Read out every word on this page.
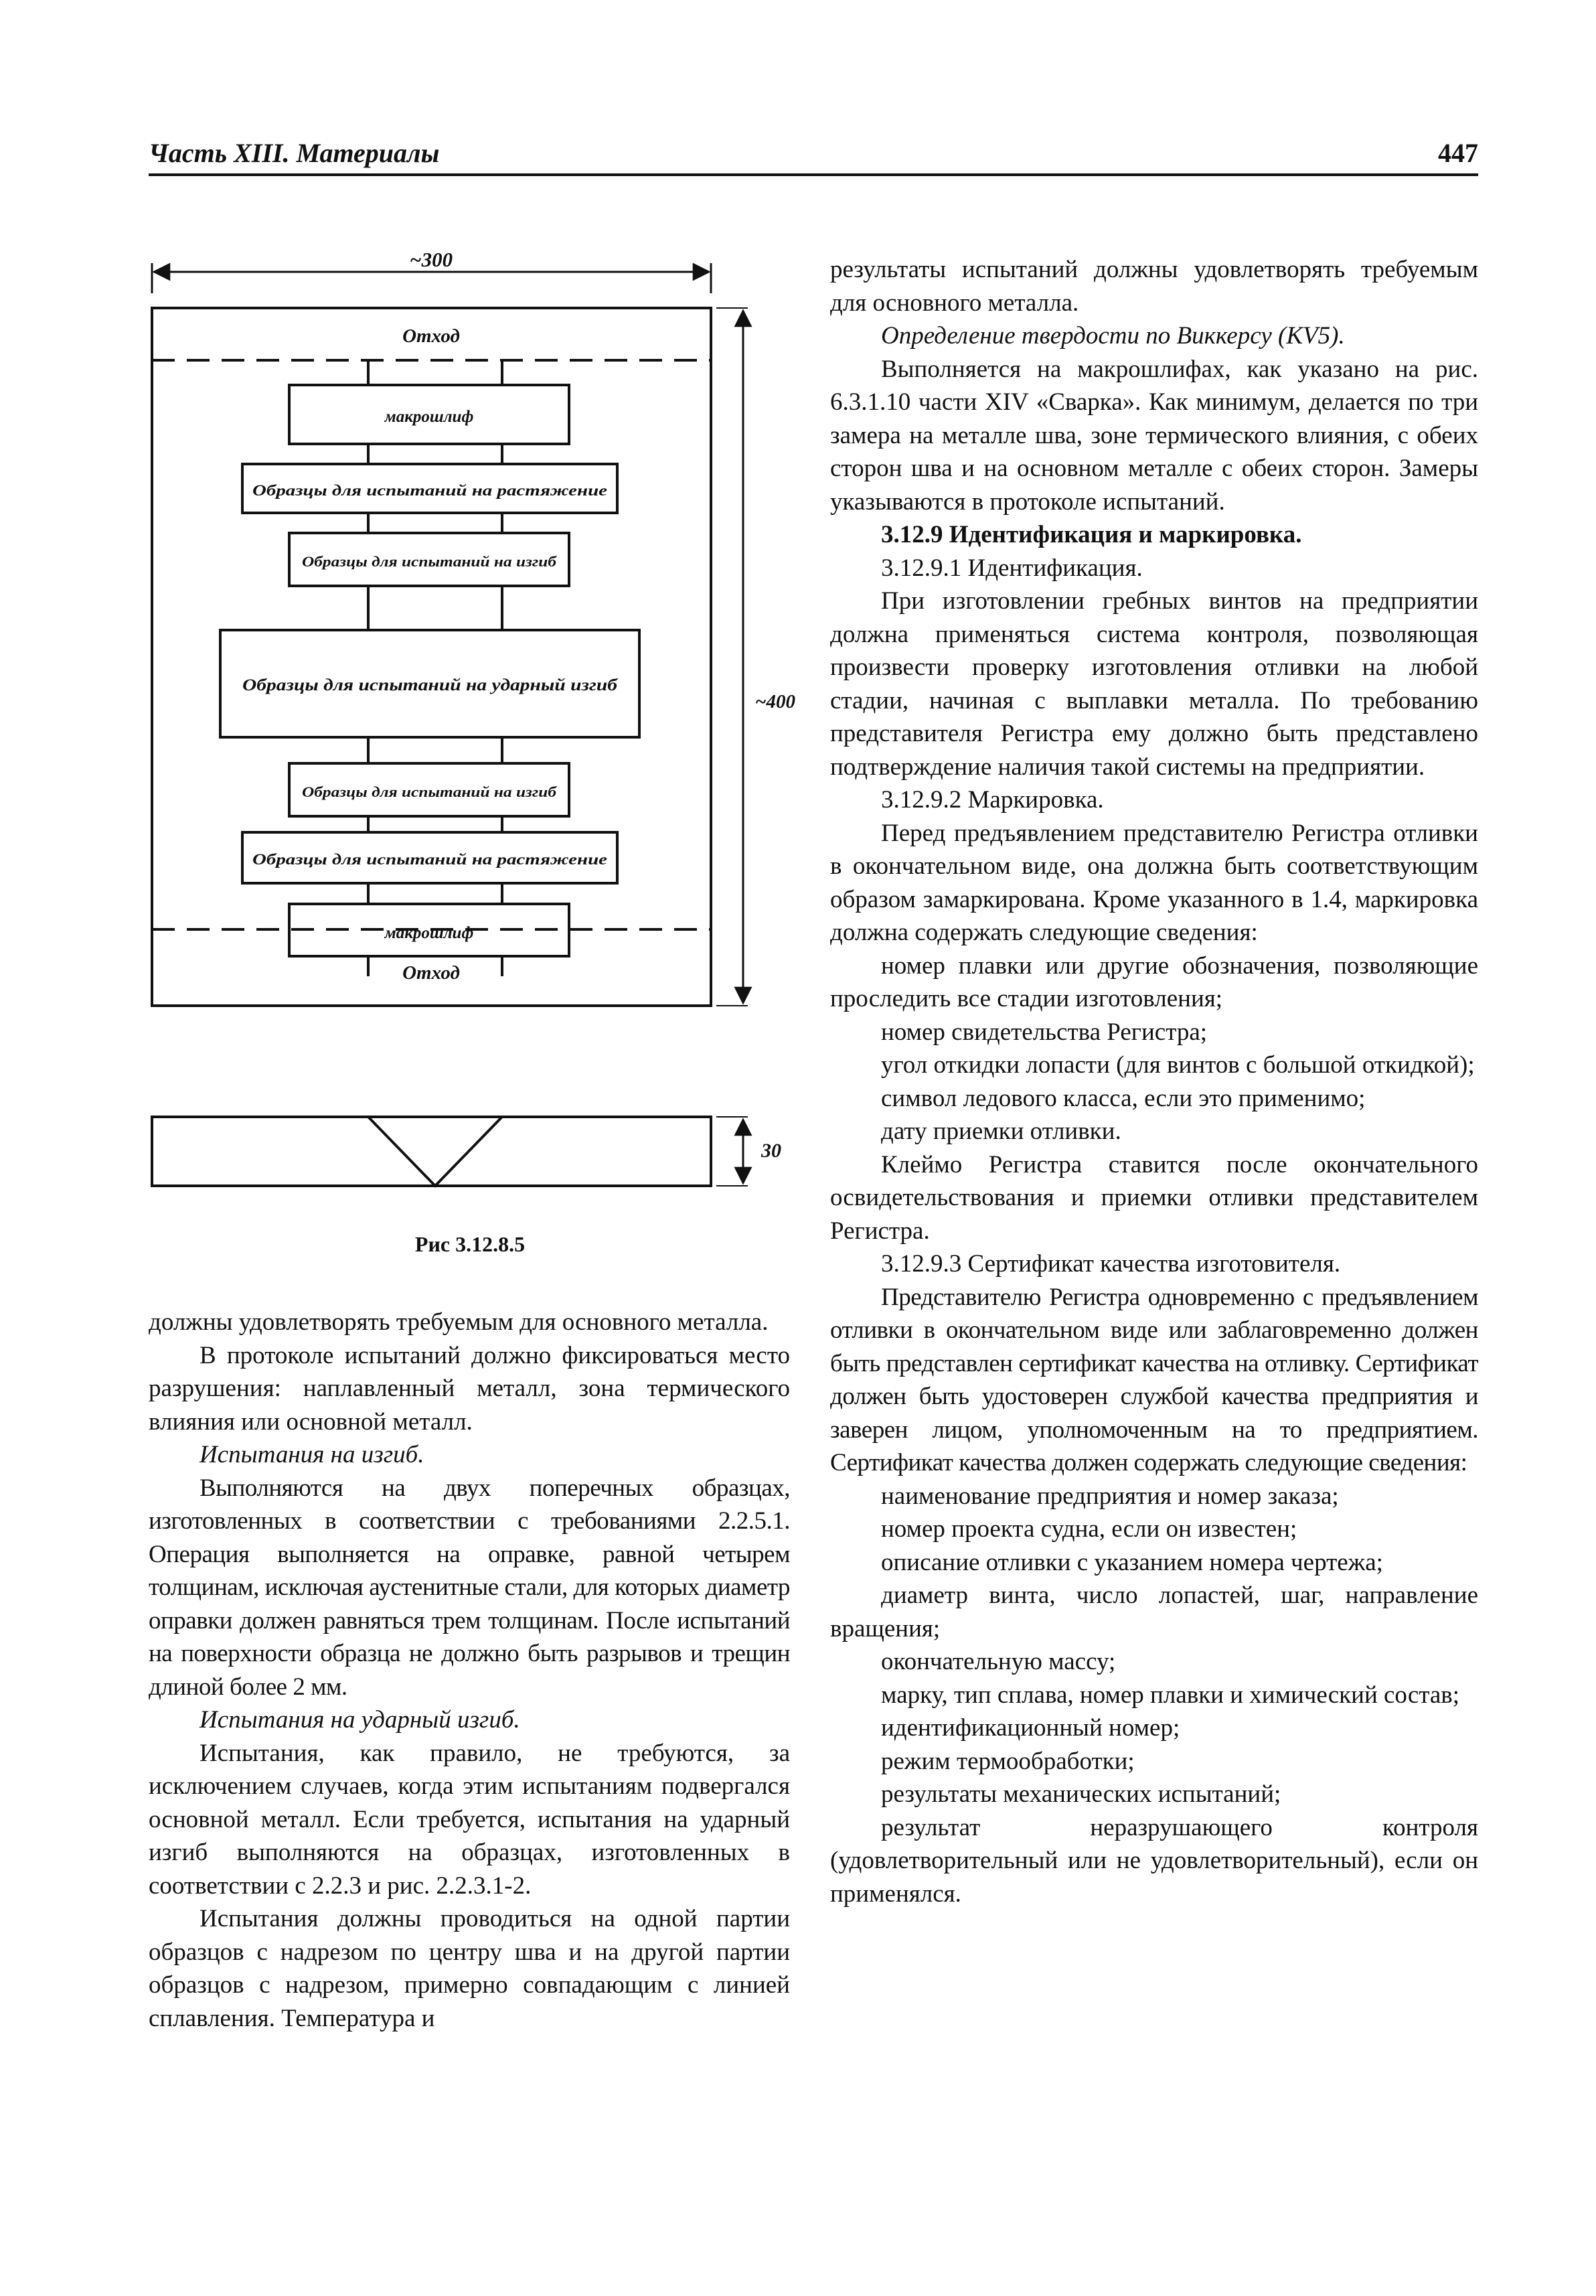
Часть XIII. Материалы	447
~300
Отход
макрошлиф
Образцы для испытаний на растяжение
Образцы для испытаний на изгиб
Образцы для испытаний на ударный изгиб
Образцы для испытаний на изгиб
Образцы для испытаний на растяжение
макрошлиф
Отход
~400
30
Рис 3.12.8.5

должны удовлетворять требуемым для основного металла.

В протоколе испытаний должно фиксироваться место разрушения: наплавленный металл, зона термического влияния или основной металл.

Испытания на изгиб.

Выполняются на двух поперечных образцах, изготовленных в соответствии с требованиями 2.2.5.1. Операция выполняется на оправке, равной четырем толщинам, исключая аустенитные стали, для которых диаметр оправки должен равняться трем толщинам. После испытаний на поверхности образца не должно быть разрывов и трещин длиной более 2 мм.

Испытания на ударный изгиб.

Испытания, как правило, не требуются, за исключением случаев, когда этим испытаниям подвергался основной металл. Если требуется, испытания на ударный изгиб выполняются на образцах, изготовленных в соответствии с 2.2.3 и рис. 2.2.3.1-2.

Испытания должны проводиться на одной партии образцов с надрезом по центру шва и на другой партии образцов с надрезом, примерно совпадающим с линией сплавления. Температура и

результаты испытаний должны удовлетворять требуемым для основного металла.

Определение твердости по Виккерсу (KV5).

Выполняется на макрошлифах, как указано на рис. 6.3.1.10 части XIV «Сварка». Как минимум, делается по три замера на металле шва, зоне термического влияния, с обеих сторон шва и на основном металле с обеих сторон. Замеры указываются в протоколе испытаний.

3.12.9 Идентификация и маркировка.

3.12.9.1 Идентификация.

При изготовлении гребных винтов на предприятии должна применяться система контроля, позволяющая произвести проверку изготовления отливки на любой стадии, начиная с выплавки металла. По требованию представителя Регистра ему должно быть представлено подтверждение наличия такой системы на предприятии.

3.12.9.2 Маркировка.

Перед предъявлением представителю Регистра отливки в окончательном виде, она должна быть соответствующим образом замаркирована. Кроме указанного в 1.4, маркировка должна содержать следующие сведения:

номер плавки или другие обозначения, позволяющие проследить все стадии изготовления;

номер свидетельства Регистра;

угол откидки лопасти (для винтов с большой откидкой);

символ ледового класса, если это применимо;

дату приемки отливки.

Клеймо Регистра ставится после окончательного освидетельствования и приемки отливки представителем Регистра.

3.12.9.3 Сертификат качества изготовителя.

Представителю Регистра одновременно с предъявлением отливки в окончательном виде или заблаговременно должен быть представлен сертификат качества на отливку. Сертификат должен быть удостоверен службой качества предприятия и заверен лицом, уполномоченным на то предприятием. Сертификат качества должен содержать следующие сведения:

наименование предприятия и номер заказа;

номер проекта судна, если он известен;

описание отливки с указанием номера чертежа;

диаметр винта, число лопастей, шаг, направление вращения;

окончательную массу;

марку, тип сплава, номер плавки и химический состав;

идентификационный номер;

режим термообработки;

результаты механических испытаний;

результат неразрушающего контроля (удовлетворительный или не удовлетворительный), если он применялся.
